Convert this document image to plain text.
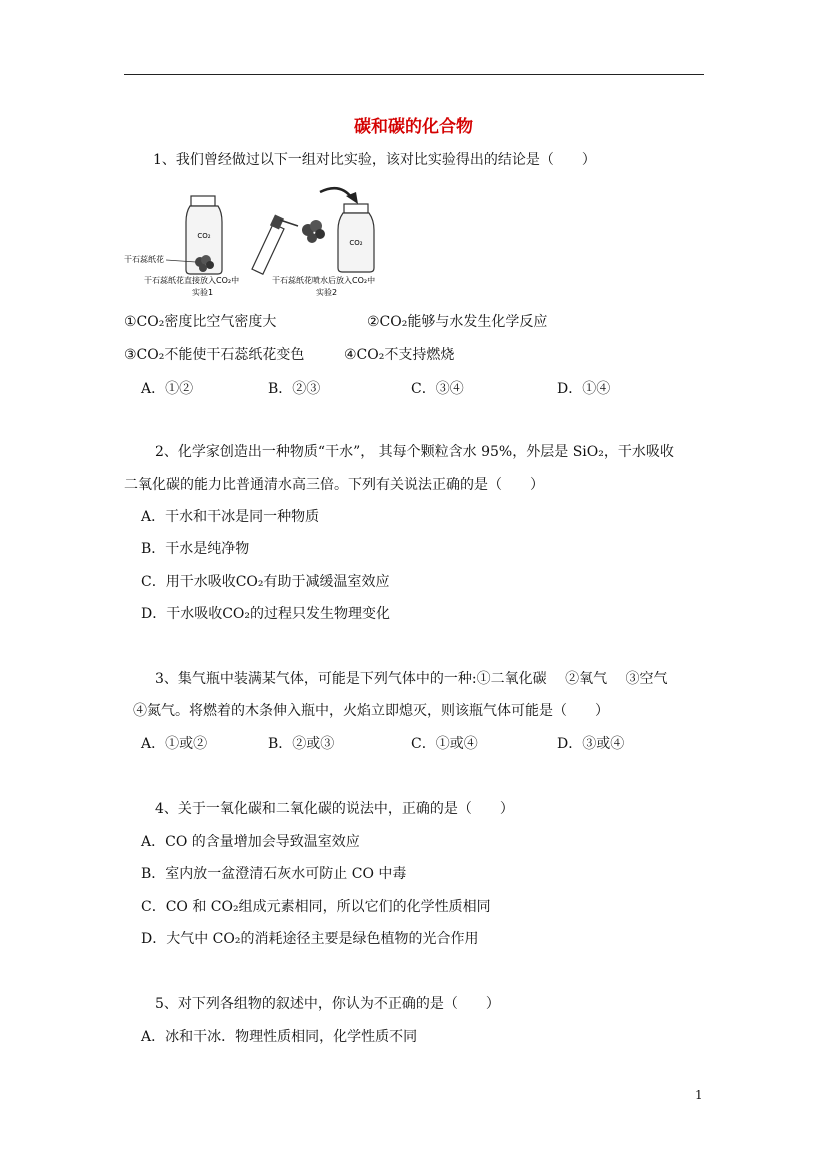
碳和碳的化合物
1、我们曾经做过以下一组对比实验，该对比实验得出的结论是（　　）
CO₂
干石蕊纸花
干石蕊纸花直接放入CO₂中
实验1
CO₂
干石蕊纸花喷水后放入CO₂中
实验2
①CO₂密度比空气密度大	②CO₂能够与水发生化学反应
③CO₂不能使干石蕊纸花变色	④CO₂不支持燃烧
A．①②	B．②③	C．③④	D．①④
2、化学家创造出一种物质“干水”， 其每个颗粒含水 95%，外层是 SiO₂，干水吸收
二氧化碳的能力比普通清水高三倍。下列有关说法正确的是（　　）
A．干水和干冰是同一种物质
B．干水是纯净物
C．用干水吸收CO₂有助于减缓温室效应
D．干水吸收CO₂的过程只发生物理变化
3、集气瓶中装满某气体，可能是下列气体中的一种:①二氧化碳　 ②氧气　 ③空气
④氮气。将燃着的木条伸入瓶中，火焰立即熄灭，则该瓶气体可能是（　　）
A．①或②	B．②或③	C．①或④	D．③或④
4、关于一氧化碳和二氧化碳的说法中，正确的是（　　）
A．CO 的含量增加会导致温室效应
B．室内放一盆澄清石灰水可防止 CO 中毒
C．CO 和 CO₂组成元素相同，所以它们的化学性质相同
D．大气中 CO₂的消耗途径主要是绿色植物的光合作用
5、对下列各组物的叙述中，你认为不正确的是（　　）
A．冰和干冰．物理性质相同，化学性质不同
1
